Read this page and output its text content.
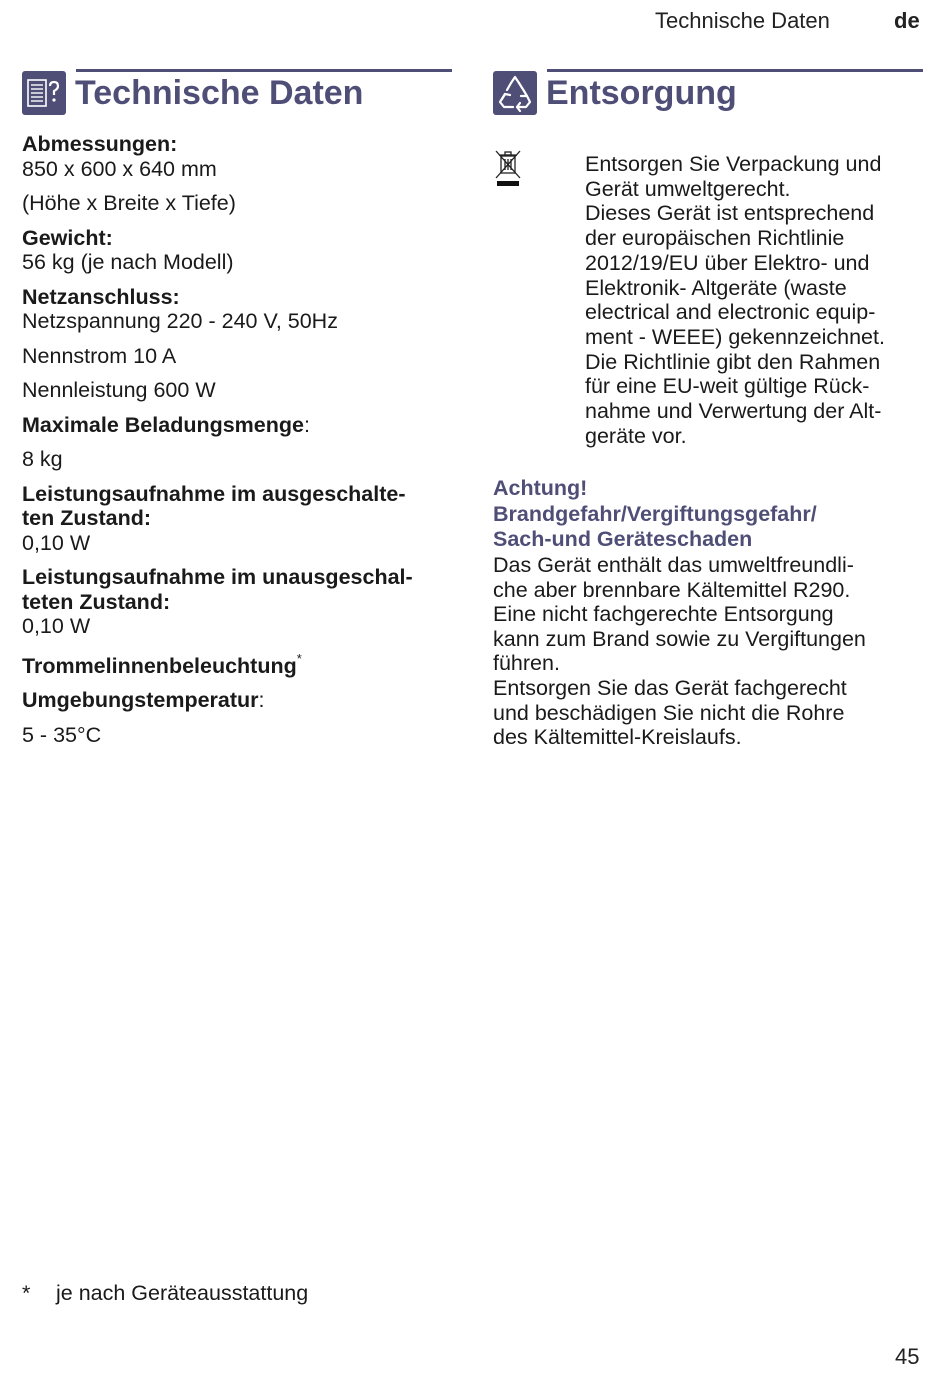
Technische Daten	de
Technische Daten
Abmessungen:
850 x 600 x 640 mm
(Höhe x Breite x Tiefe)
Gewicht:
56 kg (je nach Modell)
Netzanschluss:
Netzspannung 220 - 240 V, 50Hz
Nennstrom 10 A
Nennleistung 600 W
Maximale Beladungsmenge:
8 kg
Leistungsaufnahme im ausgeschalte-
ten Zustand:
0,10 W
Leistungsaufnahme im unausgeschal-
teten Zustand:
0,10 W
Trommelinnenbeleuchtung*
Umgebungstemperatur:
5 - 35°C
Entsorgung
Entsorgen Sie Verpackung und
Gerät umweltgerecht.
Dieses Gerät ist entsprechend
der europäischen Richtlinie
2012/19/EU über Elektro- und
Elektronik- Altgeräte (waste
electrical and electronic equip-
ment - WEEE) gekennzeichnet.
Die Richtlinie gibt den Rahmen
für eine EU-weit gültige Rück-
nahme und Verwertung der Alt-
geräte vor.
Achtung!
Brandgefahr/Vergiftungsgefahr/
Sach-und Geräteschaden
Das Gerät enthält das umweltfreundli-
che aber brennbare Kältemittel R290.
Eine nicht fachgerechte Entsorgung
kann zum Brand sowie zu Vergiftungen
führen.
Entsorgen Sie das Gerät fachgerecht
und beschädigen Sie nicht die Rohre
des Kältemittel-Kreislaufs.
* je nach Geräteausstattung
45
